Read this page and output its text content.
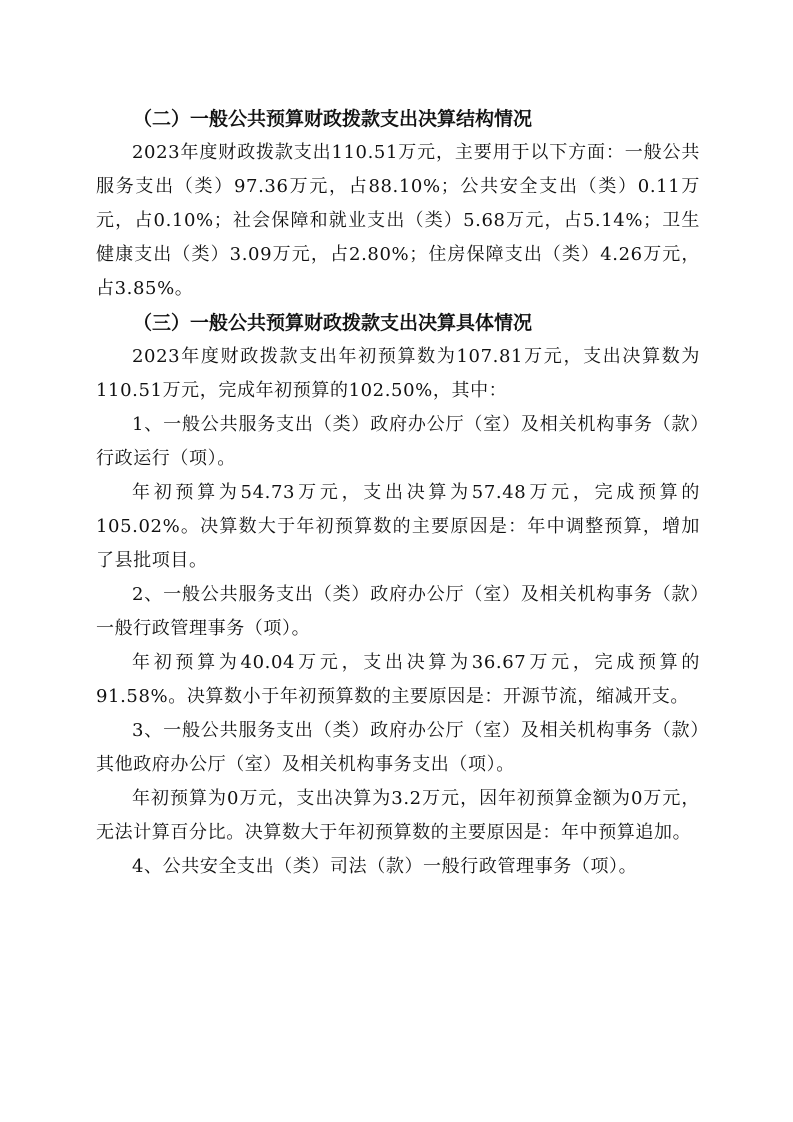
（二）一般公共预算财政拨款支出决算结构情况

2023年度财政拨款支出110.51万元，主要用于以下方面：一般公共服务支出（类）97.36万元，占88.10%；公共安全支出（类）0.11万元，占0.10%；社会保障和就业支出（类）5.68万元，占5.14%；卫生健康支出（类）3.09万元，占2.80%；住房保障支出（类）4.26万元，占3.85%。

（三）一般公共预算财政拨款支出决算具体情况

2023年度财政拨款支出年初预算数为107.81万元，支出决算数为110.51万元，完成年初预算的102.50%，其中：

1、一般公共服务支出（类）政府办公厅（室）及相关机构事务（款）行政运行（项）。

年初预算为54.73万元，支出决算为57.48万元，完成预算的105.02%。决算数大于年初预算数的主要原因是：年中调整预算，增加了县批项目。

2、一般公共服务支出（类）政府办公厅（室）及相关机构事务（款）一般行政管理事务（项）。

年初预算为40.04万元，支出决算为36.67万元，完成预算的91.58%。决算数小于年初预算数的主要原因是：开源节流，缩减开支。

3、一般公共服务支出（类）政府办公厅（室）及相关机构事务（款）其他政府办公厅（室）及相关机构事务支出（项）。

年初预算为0万元，支出决算为3.2万元，因年初预算金额为0万元，无法计算百分比。决算数大于年初预算数的主要原因是：年中预算追加。

4、公共安全支出（类）司法（款）一般行政管理事务（项）。
